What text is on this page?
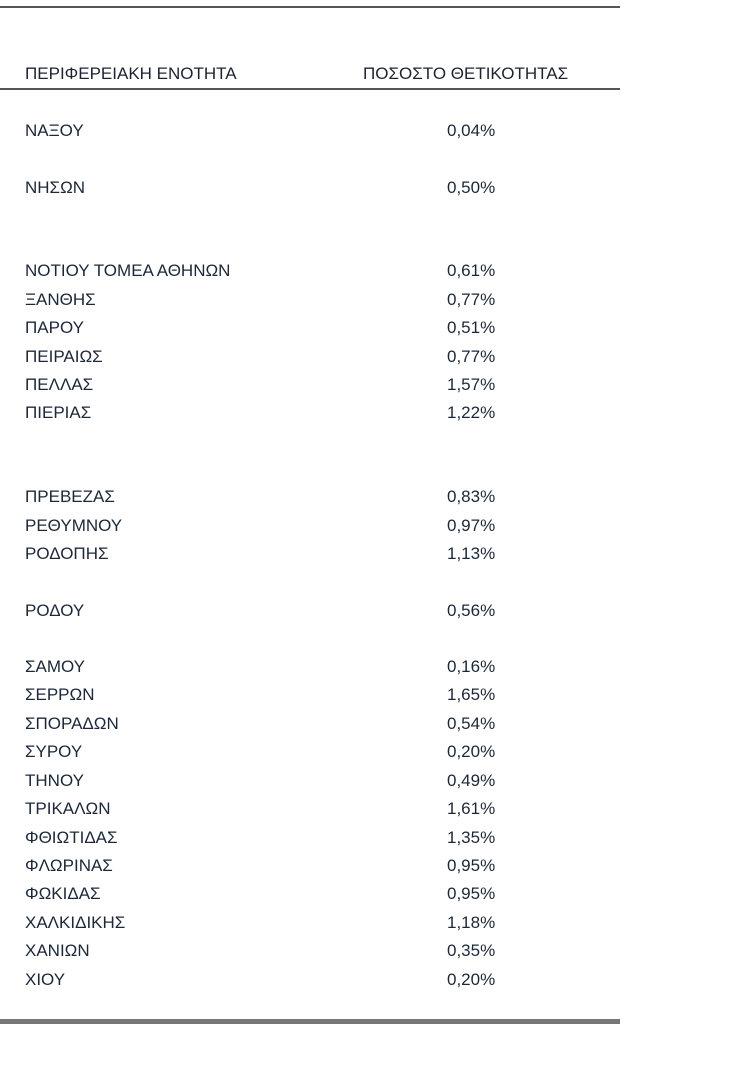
ΠΕΡΙΦΕΡΕΙΑΚΗ ΕΝΟΤΗΤΑ	ΠΟΣΟΣΤΟ ΘΕΤΙΚΟΤΗΤΑΣ
ΝΑΞΟΥ	0,04%
ΝΗΣΩΝ	0,50%
ΝΟΤΙΟΥ ΤΟΜΕΑ ΑΘΗΝΩΝ	0,61%
ΞΑΝΘΗΣ	0,77%
ΠΑΡΟΥ	0,51%
ΠΕΙΡΑΙΩΣ	0,77%
ΠΕΛΛΑΣ	1,57%
ΠΙΕΡΙΑΣ	1,22%
ΠΡΕΒΕΖΑΣ	0,83%
ΡΕΘΥΜΝΟΥ	0,97%
ΡΟΔΟΠΗΣ	1,13%
ΡΟΔΟΥ	0,56%
ΣΑΜΟΥ	0,16%
ΣΕΡΡΩΝ	1,65%
ΣΠΟΡΑΔΩΝ	0,54%
ΣΥΡΟΥ	0,20%
ΤΗΝΟΥ	0,49%
ΤΡΙΚΑΛΩΝ	1,61%
ΦΘΙΩΤΙΔΑΣ	1,35%
ΦΛΩΡΙΝΑΣ	0,95%
ΦΩΚΙΔΑΣ	0,95%
ΧΑΛΚΙΔΙΚΗΣ	1,18%
ΧΑΝΙΩΝ	0,35%
ΧΙΟΥ	0,20%
